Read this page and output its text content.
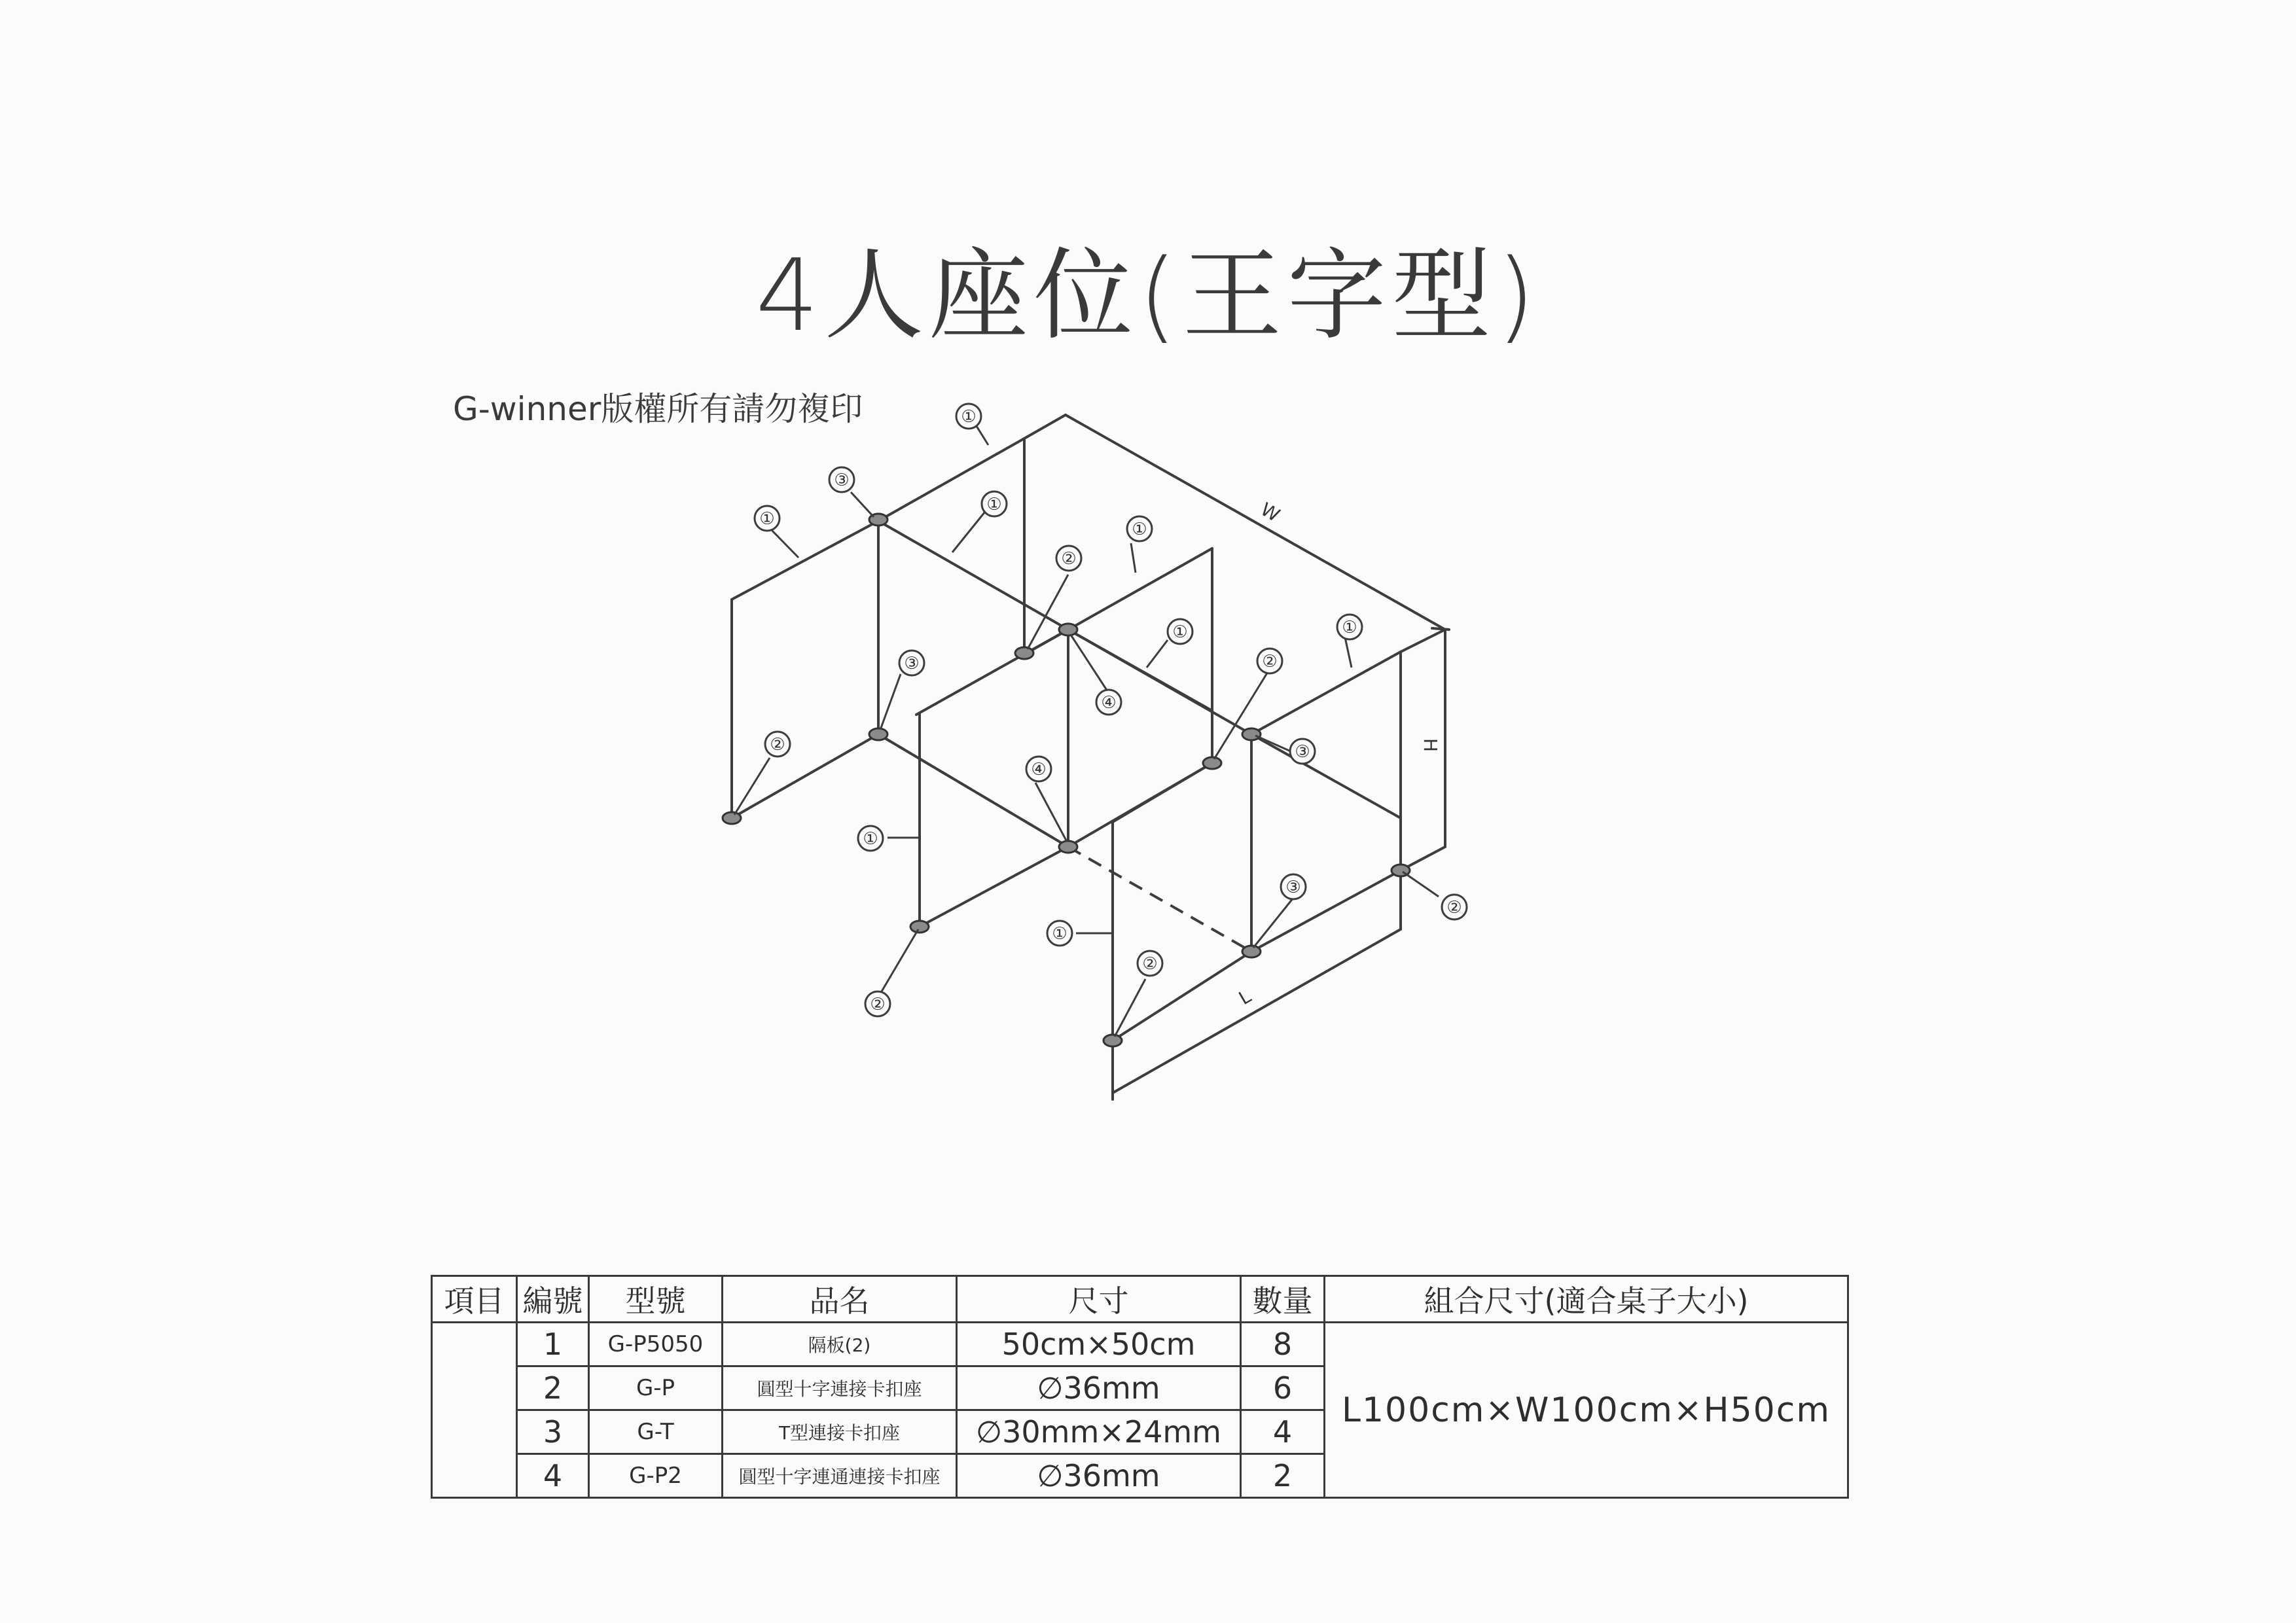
4人座位(王字型)
G-winner版權所有請勿複印	①
③
①
①
②
①
①
④
③
②
②
③
①
④
①
②
③
②
①
②
W
H
L
項目	編號	型號	品名	尺寸	數量	組合尺寸(適合桌子大小)
	1	G-P5050	隔板(2)	50cm×50cm	8	L100cm×W100cm×H50cm
	2	G-P	圓型十字連接卡扣座	∅36mm	6	
	3	G-T	T型連接卡扣座	∅30mm×24mm	4	
	4	G-P2	圓型十字連通連接卡扣座	∅36mm	2	
